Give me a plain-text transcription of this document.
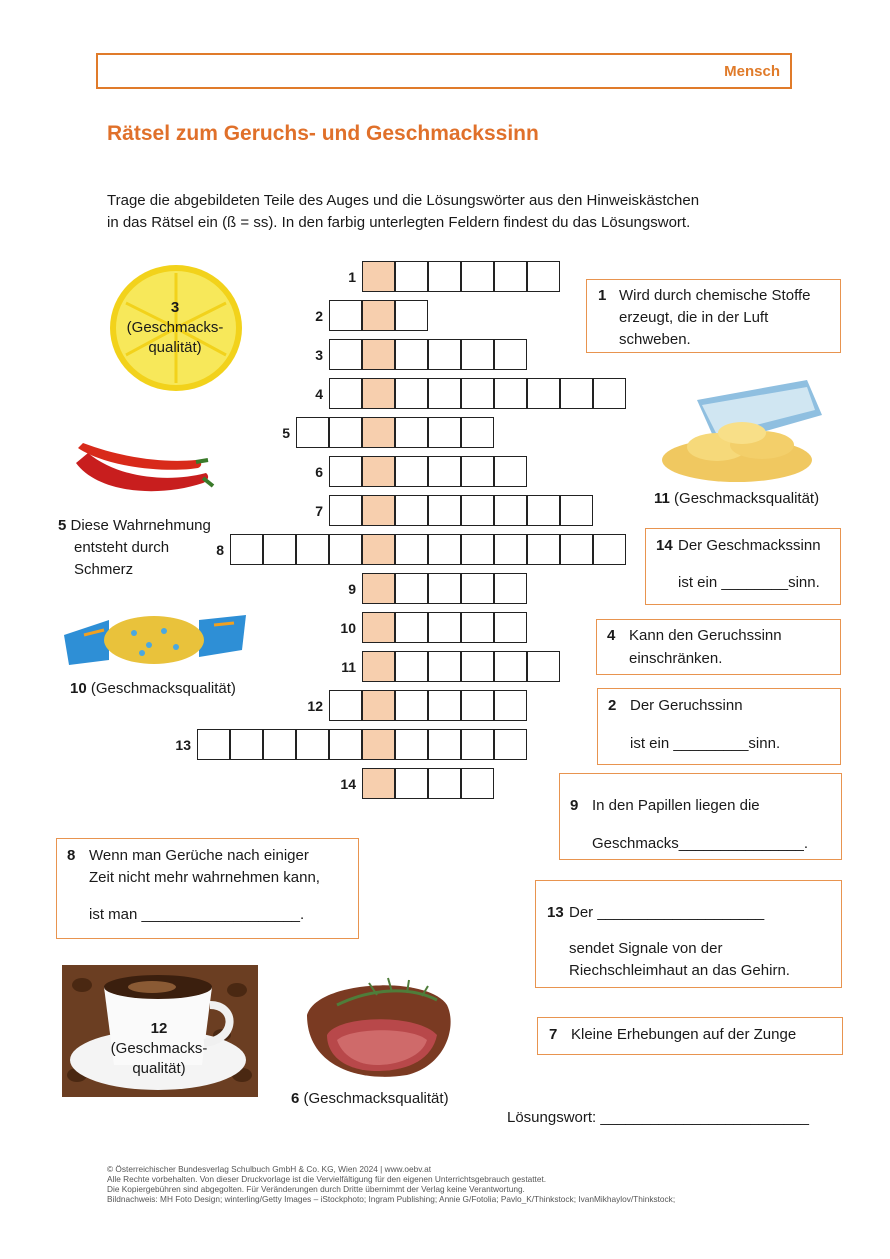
Mensch
Rätsel zum Geruchs- und Geschmackssinn
Trage die abgebildeten Teile des Auges und die Lösungswörter aus den Hinweiskästchen
in das Rätsel ein (ß = ss). In den farbig unterlegten Feldern findest du das Lösungswort.
1
2
3
4
5
6
7
8
9
10
11
12
13
14
3
(Geschmacks-
qualität)
5 Diese Wahrnehmung
entsteht durch
Schmerz
10 (Geschmacksqualität)
11 (Geschmacksqualität)
12
(Geschmacks-
qualität)
6 (Geschmacksqualität)
1 Wird durch chemische Stoffe
erzeugt, die in der Luft
schweben.
14 Der Geschmackssinn
ist ein ________sinn.
4 Kann den Geruchssinn
einschränken.
2 Der Geruchssinn
ist ein _________sinn.
9 In den Papillen liegen die
Geschmacks_______________.
8 Wenn man Gerüche nach einiger
Zeit nicht mehr wahrnehmen kann,
ist man ___________________.	13 Der ____________________
sendet Signale von der
Riechschleimhaut an das Gehirn.
7 Kleine Erhebungen auf der Zunge
Lösungswort: _________________________
© Österreichischer Bundesverlag Schulbuch GmbH & Co. KG, Wien 2024 | www.oebv.at
Alle Rechte vorbehalten. Von dieser Druckvorlage ist die Vervielfältigung für den eigenen Unterrichtsgebrauch gestattet.
Die Kopiergebühren sind abgegolten. Für Veränderungen durch Dritte übernimmt der Verlag keine Verantwortung.
Bildnachweis: MH Foto Design; winterling/Getty Images – iStockphoto; Ingram Publishing; Annie G/Fotolia; Pavlo_K/Thinkstock; IvanMikhaylov/Thinkstock;
